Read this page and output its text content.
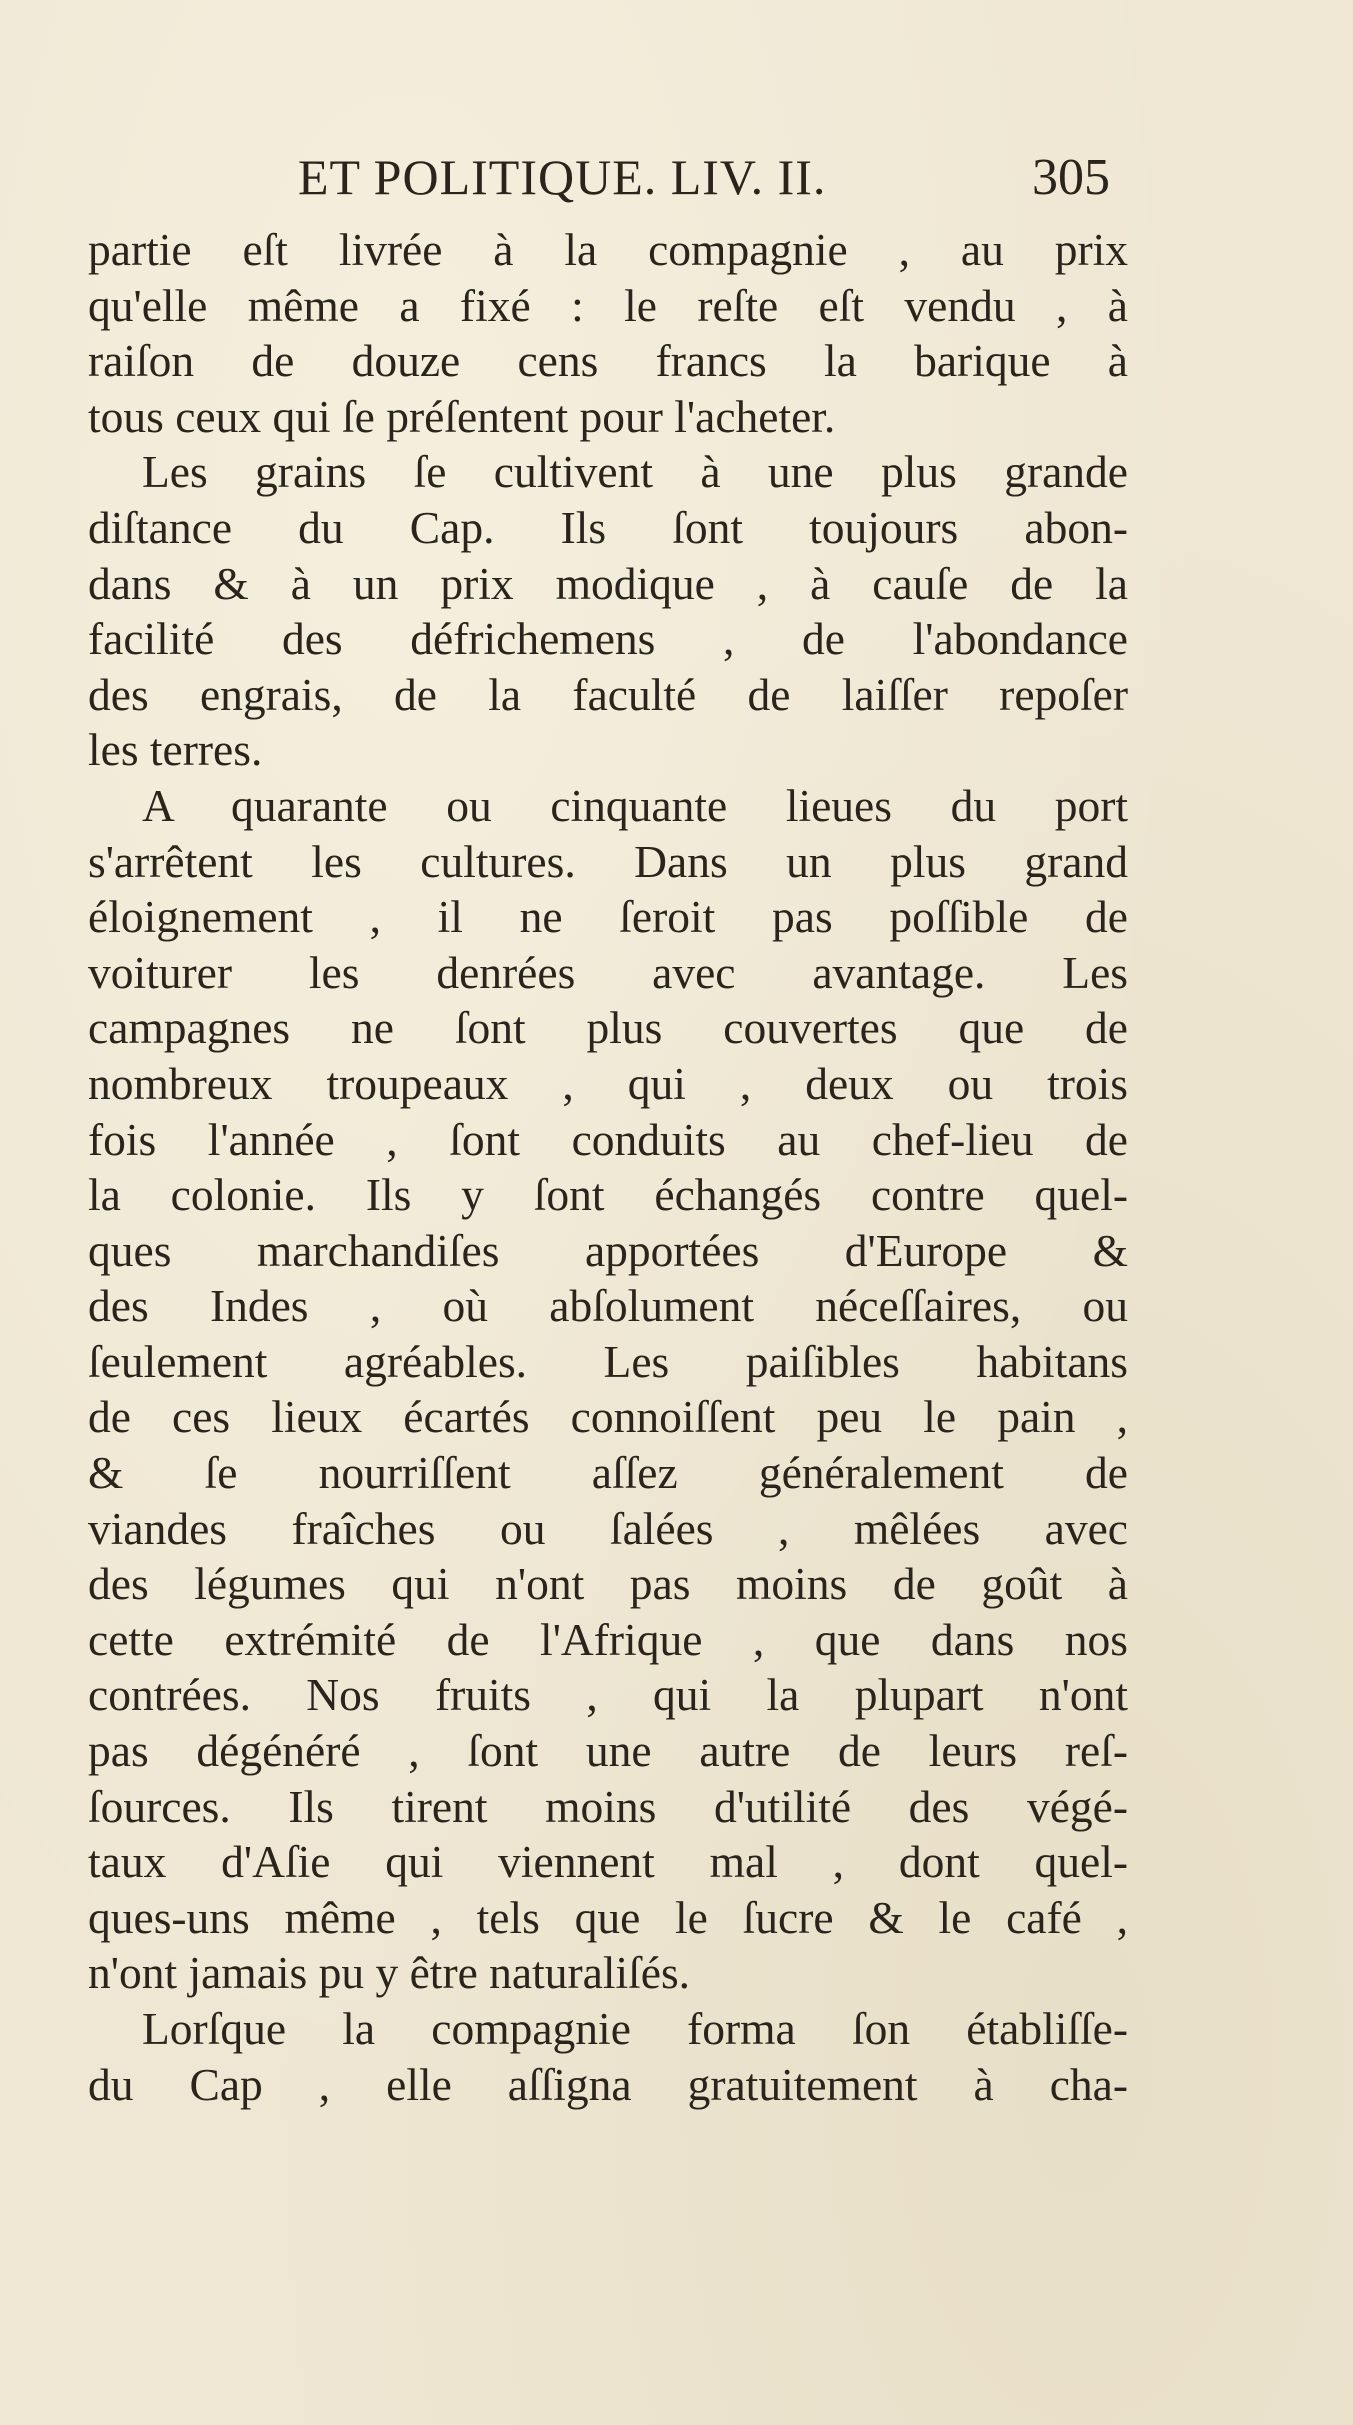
ET POLITIQUE. LIV. II.	305
partie eſt livrée à la compagnie , au prix
qu'elle même a fixé : le reſte eſt vendu , à
raiſon de douze cens francs la barique à
tous ceux qui ſe préſentent pour l'acheter.
Les grains ſe cultivent à une plus grande
diſtance du Cap. Ils ſont toujours abon-
dans & à un prix modique , à cauſe de la
facilité des défrichemens , de l'abondance
des engrais, de la faculté de laiſſer repoſer
les terres.
A quarante ou cinquante lieues du port
s'arrêtent les cultures. Dans un plus grand
éloignement , il ne ſeroit pas poſſible de
voiturer les denrées avec avantage. Les
campagnes ne ſont plus couvertes que de
nombreux troupeaux , qui , deux ou trois
fois l'année , ſont conduits au chef-lieu de
la colonie. Ils y ſont échangés contre quel-
ques marchandiſes apportées d'Europe &
des Indes , où abſolument néceſſaires, ou
ſeulement agréables. Les paiſibles habitans
de ces lieux écartés connoiſſent peu le pain ,
& ſe nourriſſent aſſez généralement de
viandes fraîches ou ſalées , mêlées avec
des légumes qui n'ont pas moins de goût à
cette extrémité de l'Afrique , que dans nos
contrées. Nos fruits , qui la plupart n'ont
pas dégénéré , ſont une autre de leurs reſ-
ſources. Ils tirent moins d'utilité des végé-
taux d'Aſie qui viennent mal , dont quel-
ques-uns même , tels que le ſucre & le café ,
n'ont jamais pu y être naturaliſés.
Lorſque la compagnie forma ſon établiſſe-
du Cap , elle aſſigna gratuitement à cha-
